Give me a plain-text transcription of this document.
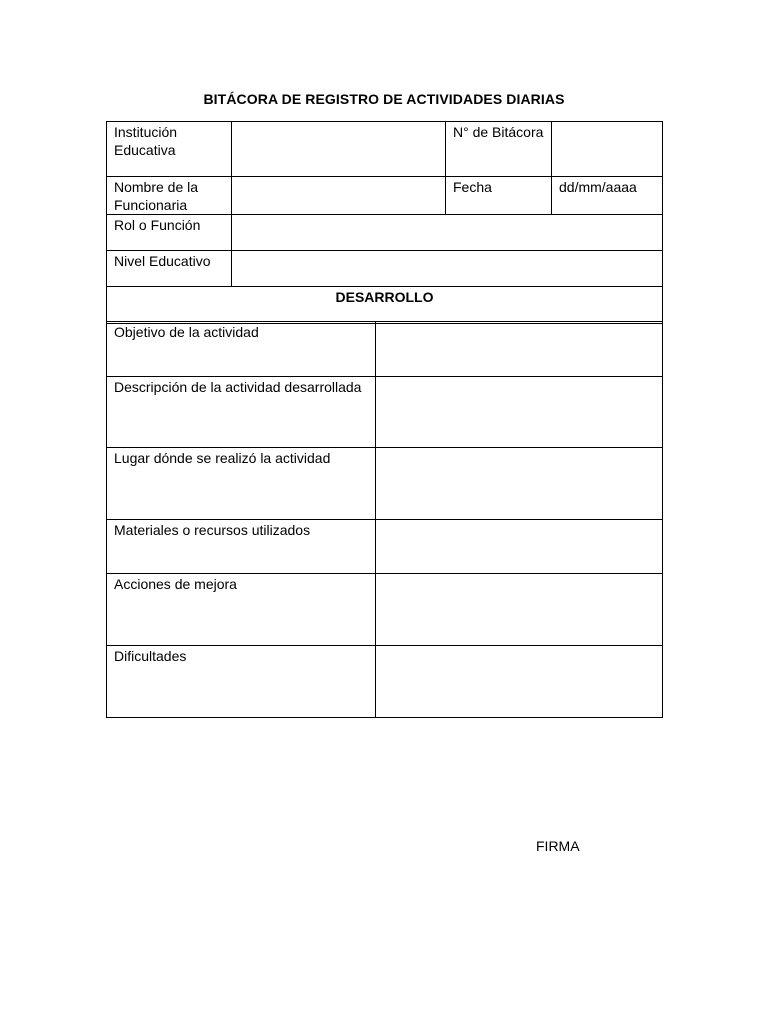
BITÁCORA DE REGISTRO DE ACTIVIDADES DIARIAS
Institución Educativa		N° de Bitácora	
Nombre de la Funcionaria		Fecha	dd/mm/aaaa
Rol o Función			
Nivel Educativo			
DESARROLLO			
Objetivo de la actividad	
Descripción de la actividad desarrollada	
Lugar dónde se realizó la actividad	
Materiales o recursos utilizados	
Acciones de mejora	
Dificultades	
FIRMA
